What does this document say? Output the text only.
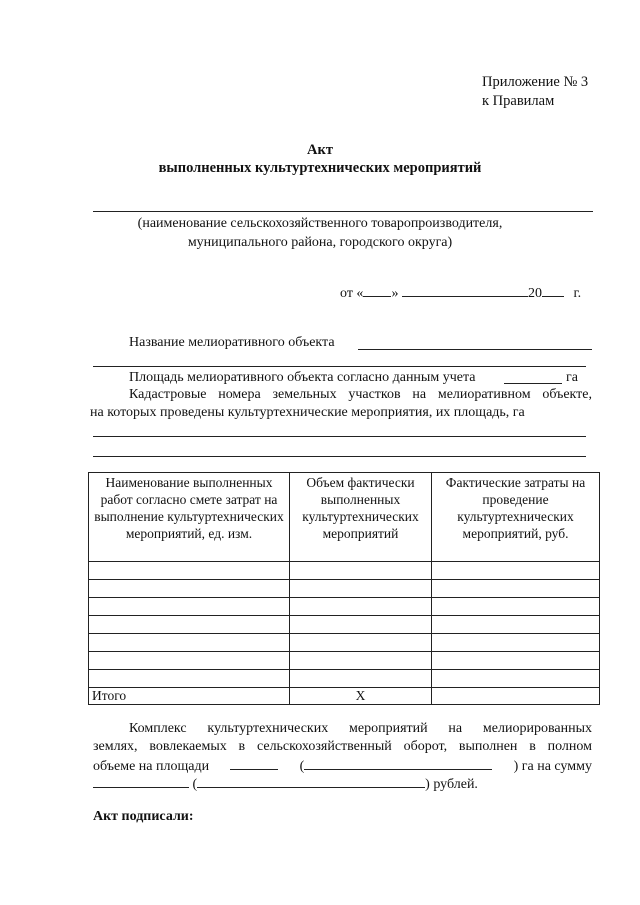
Приложение № 3
к Правилам
Акт
выполненных культуртехнических мероприятий
(наименование сельскохозяйственного товаропроизводителя,
муниципального района, городского округа)
от « »	20 г.
Название мелиоративного объекта
Площадь мелиоративного объекта согласно данным учета	га
Кадастровые номера земельных участков на мелиоративном объекте,
на которых проведены культуртехнические мероприятия, их площадь, га
Наименование выполненных работ согласно смете затрат на выполнение культуртехнических мероприятий, ед. изм.	Объем фактически выполненных культуртехнических мероприятий	Фактические затраты на проведение культуртехнических мероприятий, руб.

Итого	X	
Комплекс культуртехнических мероприятий на мелиорированных
землях, вовлекаемых в сельскохозяйственный оборот, выполнен в полном
объеме на площади	(	) га на сумму
(	) рублей.
Акт подписали:
